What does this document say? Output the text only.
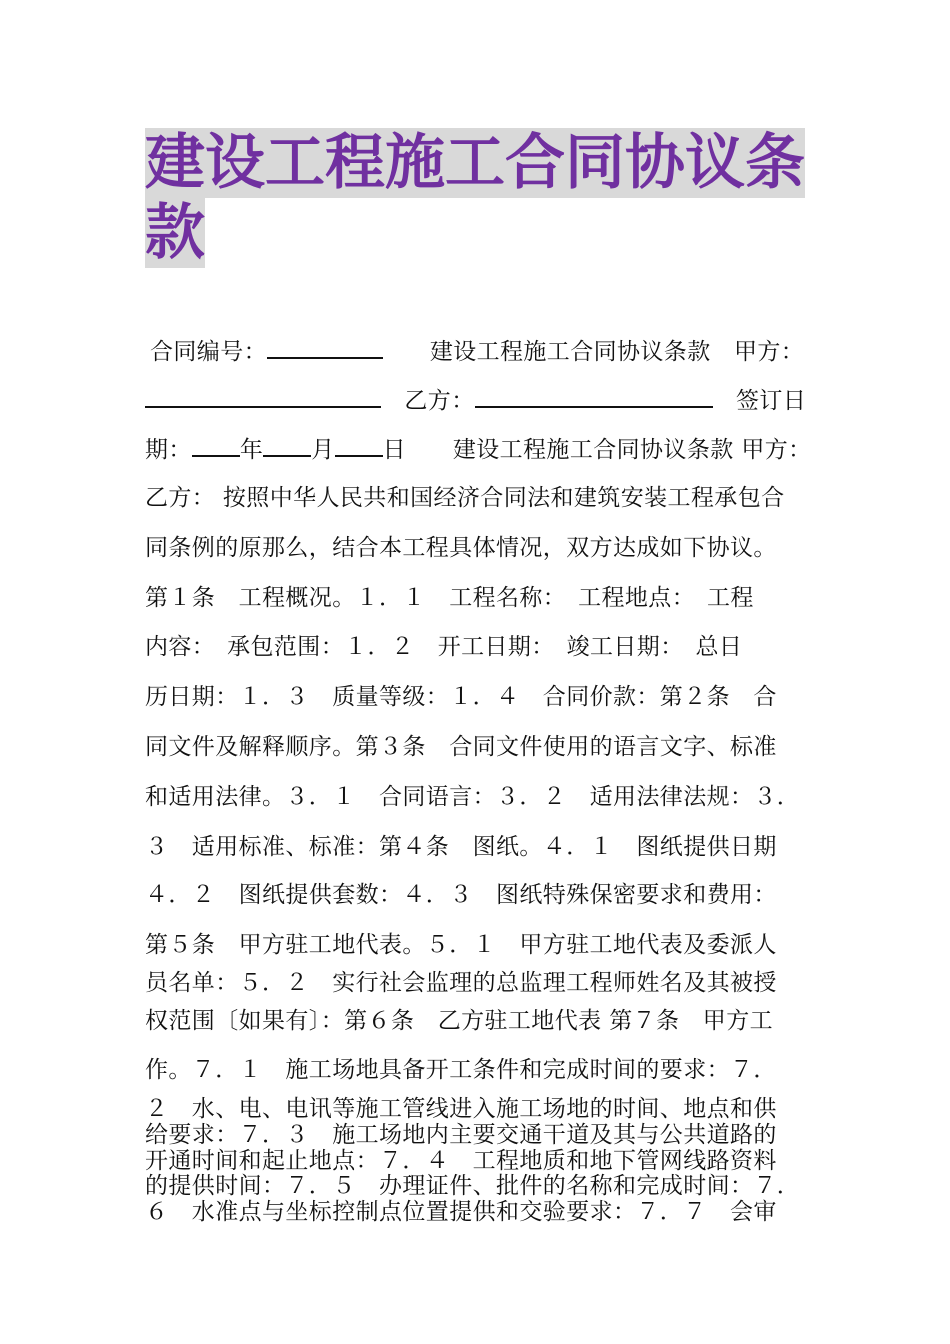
建设工程施工合同协议条款
合同编号：　　	建设工程施工合同协议条款　甲方：
　乙方：　	签订日
期： 年 月 日　　建设工程施工合同协议条款 甲方：
乙方： 按照中华人民共和国经济合同法和建筑安装工程承包合
同条例的原那么，结合本工程具体情况，双方达成如下协议。
第１条　工程概况。１．１　工程名称：　工程地点：　工程
内容：　承包范围：１．２　开工日期：　竣工日期：　总日
历日期：１．３　质量等级：１．４　合同价款：第２条　合
同文件及解释顺序。第３条　合同文件使用的语言文字、标准
和适用法律。３．１　合同语言：３．２　适用法律法规：３．
３　适用标准、标准：第４条　图纸。４．１　图纸提供日期
４．２　图纸提供套数：４．３　图纸特殊保密要求和费用：
第５条　甲方驻工地代表。５．１　甲方驻工地代表及委派人
员名单：５．２　实行社会监理的总监理工程师姓名及其被授
权范围〔如果有〕：第６条　乙方驻工地代表 第７条　甲方工
作。７．１　施工场地具备开工条件和完成时间的要求：７．
２　水、电、电讯等施工管线进入施工场地的时间、地点和供
给要求：７．３　施工场地内主要交通干道及其与公共道路的
开通时间和起止地点：７．４　工程地质和地下管网线路资料
的提供时间：７．５　办理证件、批件的名称和完成时间：７．
６　水准点与坐标控制点位置提供和交验要求：７．７　会审
